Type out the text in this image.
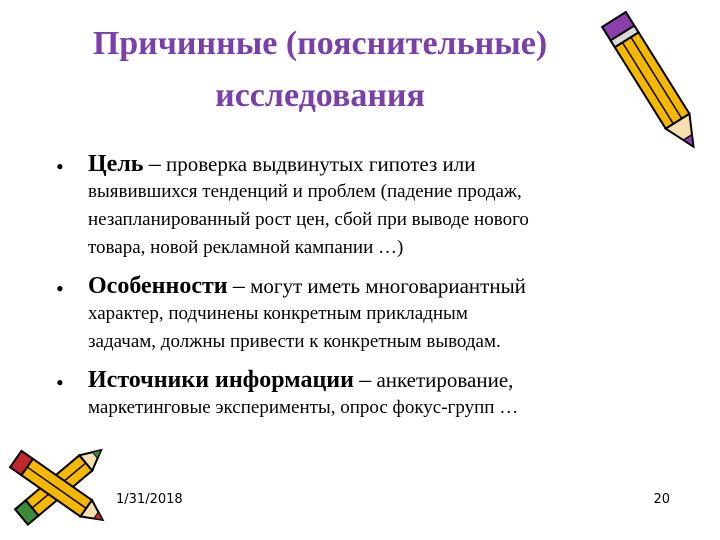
Причинные (пояснительные)
исследования
• Цель – проверка выдвинутых гипотез или
выявившихся тенденций и проблем (падение продаж,
незапланированный рост цен, сбой при выводе нового
товара, новой рекламной кампании …)
• Особенности – могут иметь многовариантный
характер, подчинены конкретным прикладным
задачам, должны привести к конкретным выводам.
• Источники информации – анкетирование,
маркетинговые эксперименты, опрос фокус-групп …
1/31/2018	20
